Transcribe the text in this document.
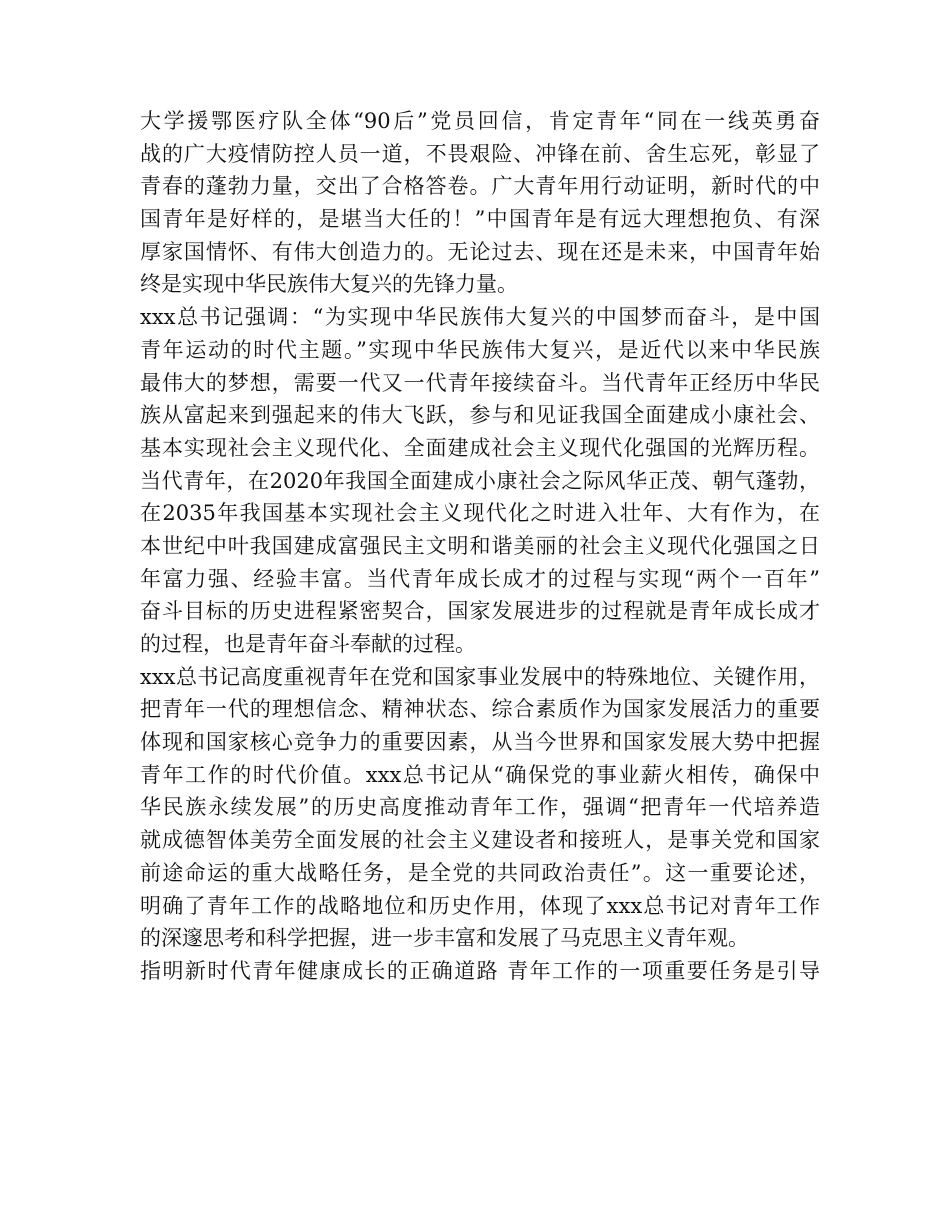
大学援鄂医疗队全体“90后”党员回信，肯定青年“同在一线英勇奋
战的广大疫情防控人员一道，不畏艰险、冲锋在前、舍生忘死，彰显了
青春的蓬勃力量，交出了合格答卷。广大青年用行动证明，新时代的中
国青年是好样的，是堪当大任的！”中国青年是有远大理想抱负、有深
厚家国情怀、有伟大创造力的。无论过去、现在还是未来，中国青年始
终是实现中华民族伟大复兴的先锋力量。
xxx总书记强调：“为实现中华民族伟大复兴的中国梦而奋斗，是中国
青年运动的时代主题。”实现中华民族伟大复兴，是近代以来中华民族
最伟大的梦想，需要一代又一代青年接续奋斗。当代青年正经历中华民
族从富起来到强起来的伟大飞跃，参与和见证我国全面建成小康社会、
基本实现社会主义现代化、全面建成社会主义现代化强国的光辉历程。
当代青年，在2020年我国全面建成小康社会之际风华正茂、朝气蓬勃，
在2035年我国基本实现社会主义现代化之时进入壮年、大有作为，在
本世纪中叶我国建成富强民主文明和谐美丽的社会主义现代化强国之日
年富力强、经验丰富。当代青年成长成才的过程与实现“两个一百年”
奋斗目标的历史进程紧密契合，国家发展进步的过程就是青年成长成才
的过程，也是青年奋斗奉献的过程。
xxx总书记高度重视青年在党和国家事业发展中的特殊地位、关键作用，
把青年一代的理想信念、精神状态、综合素质作为国家发展活力的重要
体现和国家核心竞争力的重要因素，从当今世界和国家发展大势中把握
青年工作的时代价值。xxx总书记从“确保党的事业薪火相传，确保中
华民族永续发展”的历史高度推动青年工作，强调“把青年一代培养造
就成德智体美劳全面发展的社会主义建设者和接班人，是事关党和国家
前途命运的重大战略任务，是全党的共同政治责任”。这一重要论述，
明确了青年工作的战略地位和历史作用，体现了xxx总书记对青年工作
的深邃思考和科学把握，进一步丰富和发展了马克思主义青年观。
指明新时代青年健康成长的正确道路 青年工作的一项重要任务是引导
